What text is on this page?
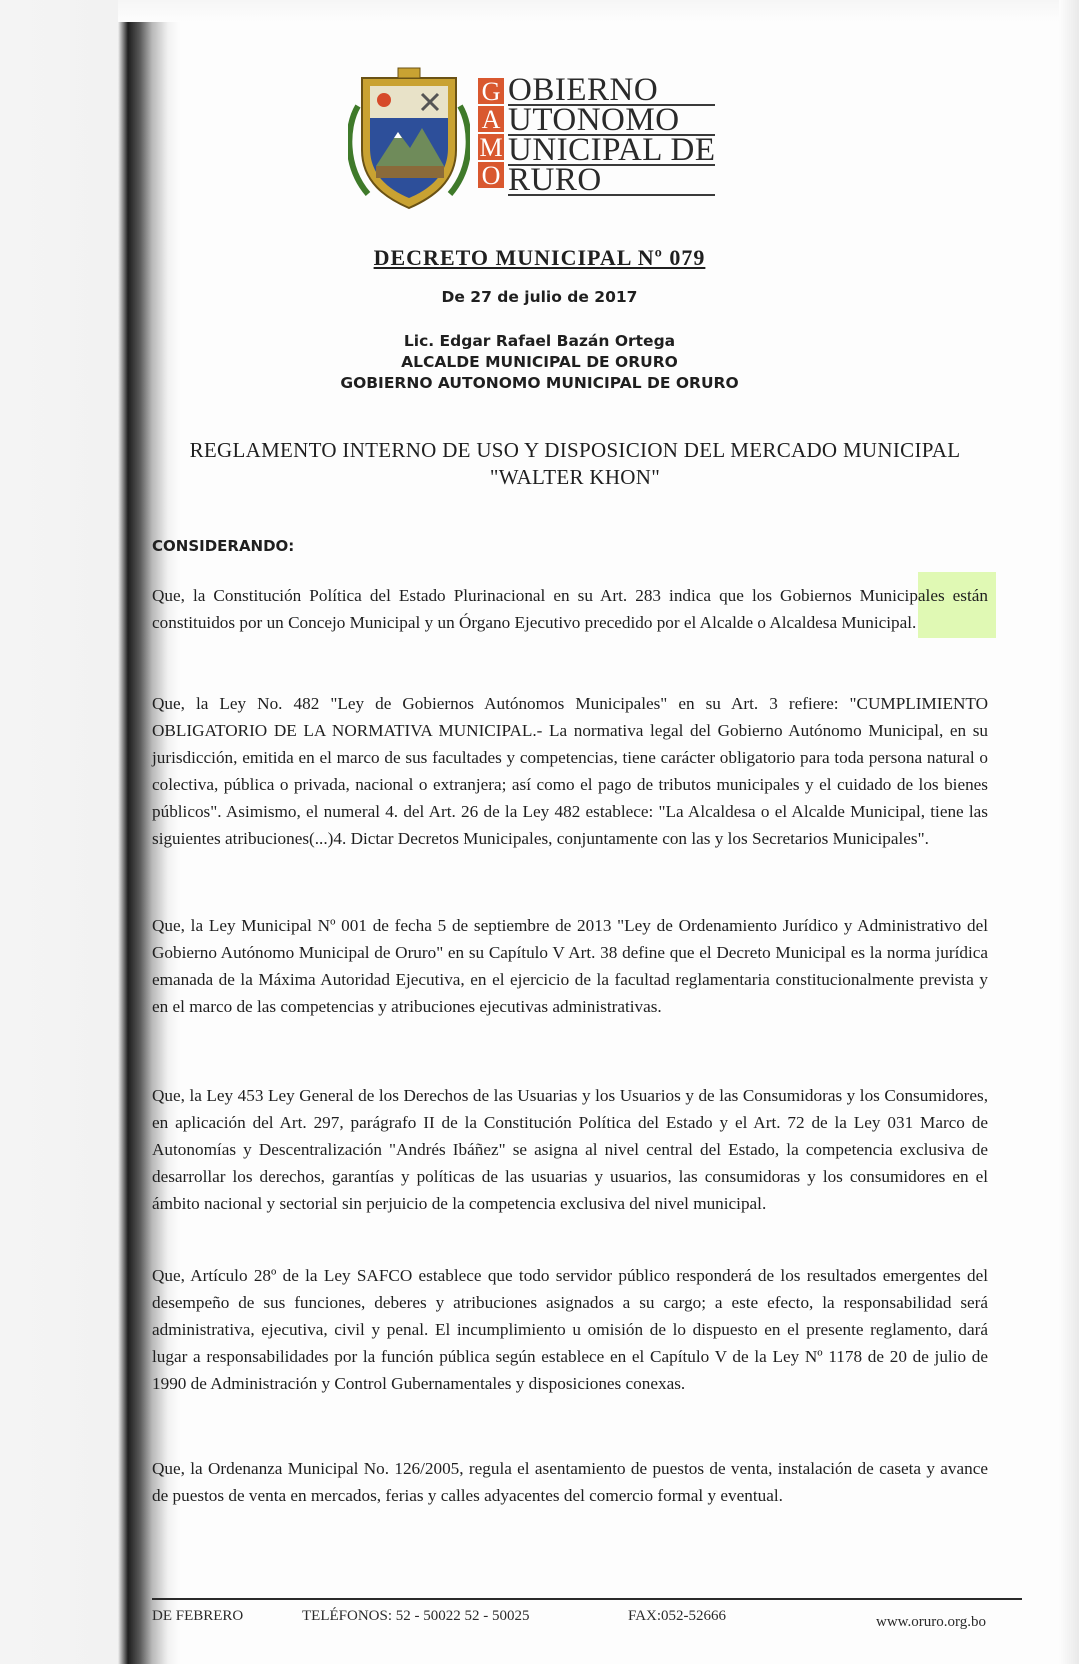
G
A
M
O
OBIERNO
UTONOMO
UNICIPAL DE
RURO
DECRETO MUNICIPAL Nº 079
De 27 de julio de 2017
Lic. Edgar Rafael Bazán Ortega
ALCALDE MUNICIPAL DE ORURO
GOBIERNO AUTONOMO MUNICIPAL DE ORURO
REGLAMENTO INTERNO DE USO Y DISPOSICION DEL MERCADO MUNICIPAL
"WALTER KHON"
CONSIDERANDO:
Que, la Constitución Política del Estado Plurinacional en su Art. 283 indica que los Gobiernos Municipales están constituidos por un Concejo Municipal y un Órgano Ejecutivo precedido por el Alcalde o Alcaldesa Municipal.
Que, la Ley No. 482 "Ley de Gobiernos Autónomos Municipales" en su Art. 3 refiere: "CUMPLIMIENTO OBLIGATORIO DE LA NORMATIVA MUNICIPAL.- La normativa legal del Gobierno Autónomo Municipal, en su jurisdicción, emitida en el marco de sus facultades y competencias, tiene carácter obligatorio para toda persona natural o colectiva, pública o privada, nacional o extranjera; así como el pago de tributos municipales y el cuidado de los bienes públicos". Asimismo, el numeral 4. del Art. 26 de la Ley 482 establece: "La Alcaldesa o el Alcalde Municipal, tiene las siguientes atribuciones(...)4. Dictar Decretos Municipales, conjuntamente con las y los Secretarios Municipales".
Que, la Ley Municipal Nº 001 de fecha 5 de septiembre de 2013 "Ley de Ordenamiento Jurídico y Administrativo del Gobierno Autónomo Municipal de Oruro" en su Capítulo V Art. 38 define que el Decreto Municipal es la norma jurídica emanada de la Máxima Autoridad Ejecutiva, en el ejercicio de la facultad reglamentaria constitucionalmente prevista y en el marco de las competencias y atribuciones ejecutivas administrativas.
Que, la Ley 453 Ley General de los Derechos de las Usuarias y los Usuarios y de las Consumidoras y los Consumidores, en aplicación del Art. 297, parágrafo II de la Constitución Política del Estado y el Art. 72 de la Ley 031 Marco de Autonomías y Descentralización "Andrés Ibáñez" se asigna al nivel central del Estado, la competencia exclusiva de desarrollar los derechos, garantías y políticas de las usuarias y usuarios, las consumidoras y los consumidores en el ámbito nacional y sectorial sin perjuicio de la competencia exclusiva del nivel municipal.
Que, Artículo 28º de la Ley SAFCO establece que todo servidor público responderá de los resultados emergentes del desempeño de sus funciones, deberes y atribuciones asignados a su cargo; a este efecto, la responsabilidad será administrativa, ejecutiva, civil y penal. El incumplimiento u omisión de lo dispuesto en el presente reglamento, dará lugar a responsabilidades por la función pública según establece en el Capítulo V de la Ley Nº 1178 de 20 de julio de 1990 de Administración y Control Gubernamentales y disposiciones conexas.
Que, la Ordenanza Municipal No. 126/2005, regula el asentamiento de puestos de venta, instalación de caseta y avance de puestos de venta en mercados, ferias y calles adyacentes del comercio formal y eventual.
DE FEBRERO	TELÉFONOS: 52 - 50022 52 - 50025	FAX:052-52666	www.oruro.org.bo
